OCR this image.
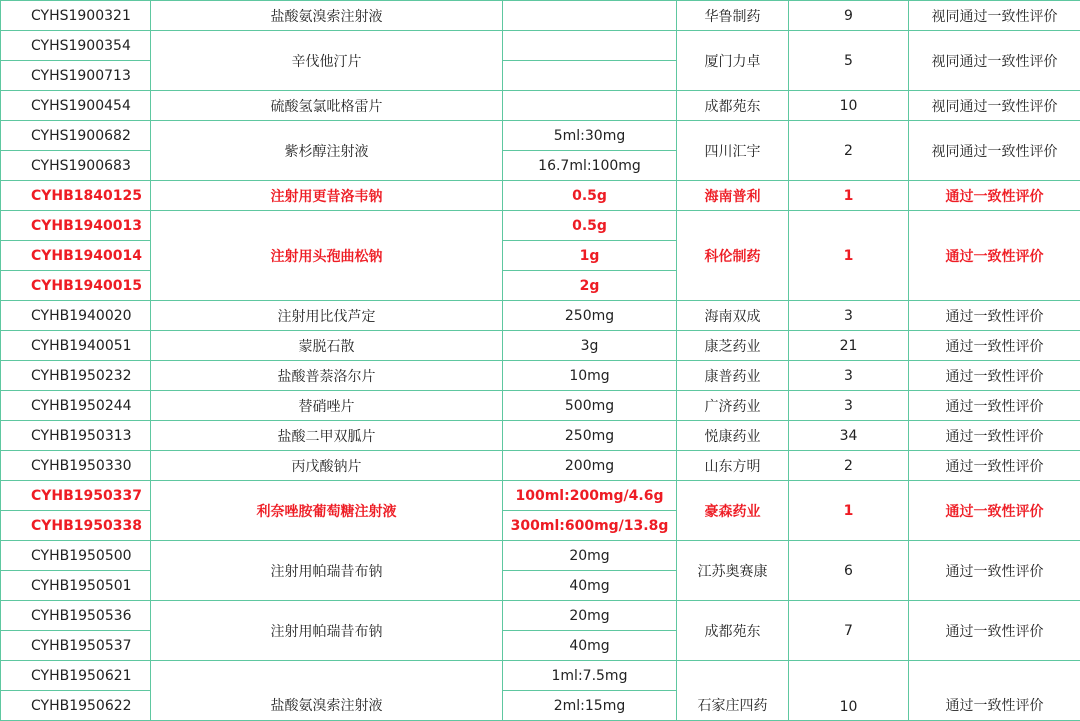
CYHS1900321	盐酸氨溴索注射液		华鲁制药	9	视同通过一致性评价
CYHS1900354	辛伐他汀片		厦门力卓	5	视同通过一致性评价
CYHS1900713					
CYHS1900454	硫酸氢氯吡格雷片		成都苑东	10	视同通过一致性评价
CYHS1900682	紫杉醇注射液	5ml:30mg	四川汇宇	2	视同通过一致性评价
CYHS1900683		16.7ml:100mg			
CYHB1840125	注射用更昔洛韦钠	0.5g	海南普利	1	通过一致性评价
CYHB1940013	注射用头孢曲松钠	0.5g	科伦制药	1	通过一致性评价
CYHB1940014		1g			
CYHB1940015		2g			
CYHB1940020	注射用比伐芦定	250mg	海南双成	3	通过一致性评价
CYHB1940051	蒙脱石散	3g	康芝药业	21	通过一致性评价
CYHB1950232	盐酸普萘洛尔片	10mg	康普药业	3	通过一致性评价
CYHB1950244	替硝唑片	500mg	广济药业	3	通过一致性评价
CYHB1950313	盐酸二甲双胍片	250mg	悦康药业	34	通过一致性评价
CYHB1950330	丙戊酸钠片	200mg	山东方明	2	通过一致性评价
CYHB1950337	利奈唑胺葡萄糖注射液	100ml:200mg/4.6g	豪森药业	1	通过一致性评价
CYHB1950338		300ml:600mg/13.8g			
CYHB1950500	注射用帕瑞昔布钠	20mg	江苏奥赛康	6	通过一致性评价
CYHB1950501		40mg			
CYHB1950536	注射用帕瑞昔布钠	20mg	成都苑东	7	通过一致性评价
CYHB1950537		40mg			
CYHB1950621	盐酸氨溴索注射液	1ml:7.5mg	石家庄四药	10	通过一致性评价
CYHB1950622		2ml:15mg			
